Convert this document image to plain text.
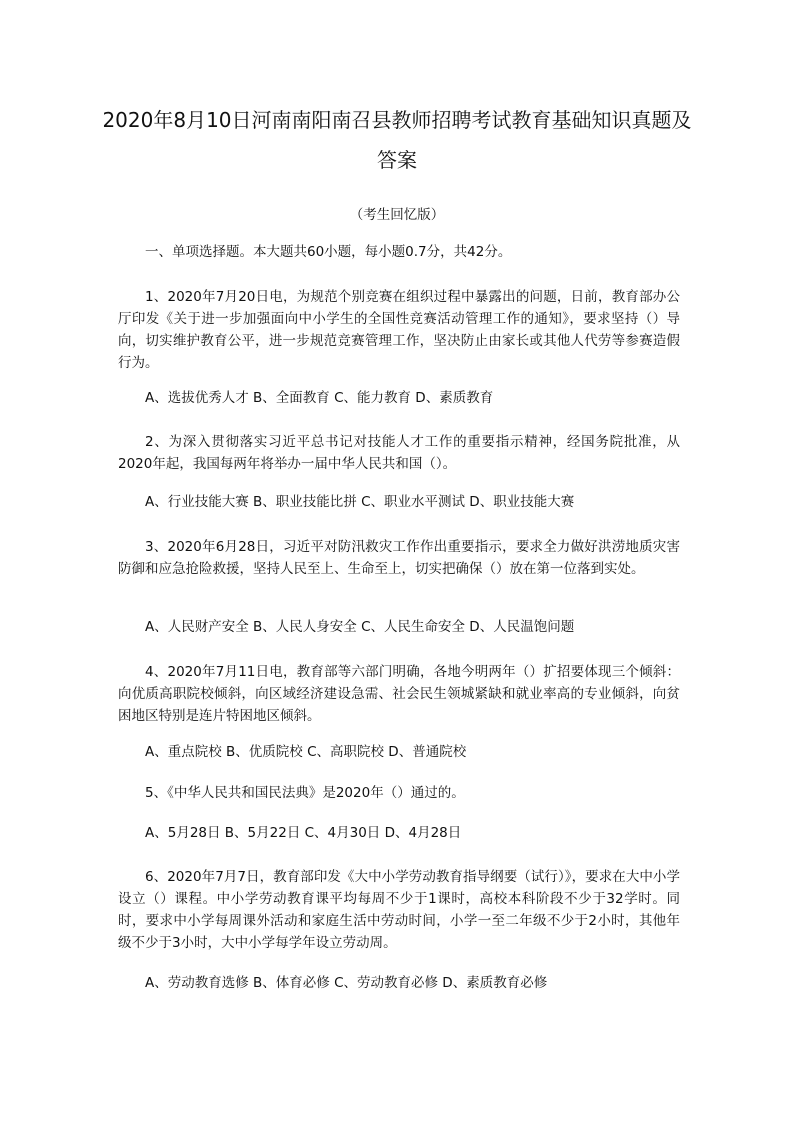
2020年8月10日河南南阳南召县教师招聘考试教育基础知识真题及答案
（考生回忆版）
一、单项选择题。本大题共60小题，每小题0.7分，共42分。
1、2020年7月20日电，为规范个别竞赛在组织过程中暴露出的问题，日前，教育部办公厅印发《关于进一步加强面向中小学生的全国性竞赛活动管理工作的通知》，要求坚持（）导向，切实维护教育公平，进一步规范竞赛管理工作，坚决防止由家长或其他人代劳等参赛造假行为。
A、选拔优秀人才 B、全面教育 C、能力教育 D、素质教育
2、为深入贯彻落实习近平总书记对技能人才工作的重要指示精神，经国务院批准，从2020年起，我国每两年将举办一届中华人民共和国（）。
A、行业技能大赛 B、职业技能比拼 C、职业水平测试 D、职业技能大赛
3、2020年6月28日，习近平对防汛救灾工作作出重要指示，要求全力做好洪涝地质灾害防御和应急抢险救援，坚持人民至上、生命至上，切实把确保（）放在第一位落到实处。
A、人民财产安全 B、人民人身安全 C、人民生命安全 D、人民温饱问题
4、2020年7月11日电，教育部等六部门明确，各地今明两年（）扩招要体现三个倾斜：向优质高职院校倾斜，向区域经济建设急需、社会民生领城紧缺和就业率高的专业倾斜，向贫困地区特别是连片特困地区倾斜。
A、重点院校 B、优质院校 C、高职院校 D、普通院校
5、《中华人民共和国民法典》是2020年（）通过的。
A、5月28日 B、5月22日 C、4月30日 D、4月28日
6、2020年7月7日，教育部印发《大中小学劳动教育指导纲要（试行）》，要求在大中小学设立（）课程。中小学劳动教育课平均每周不少于1课时，高校本科阶段不少于32学时。同时，要求中小学每周课外活动和家庭生活中劳动时间，小学一至二年级不少于2小时，其他年级不少于3小时，大中小学每学年设立劳动周。
A、劳动教育选修 B、体育必修 C、劳动教育必修 D、素质教育必修
